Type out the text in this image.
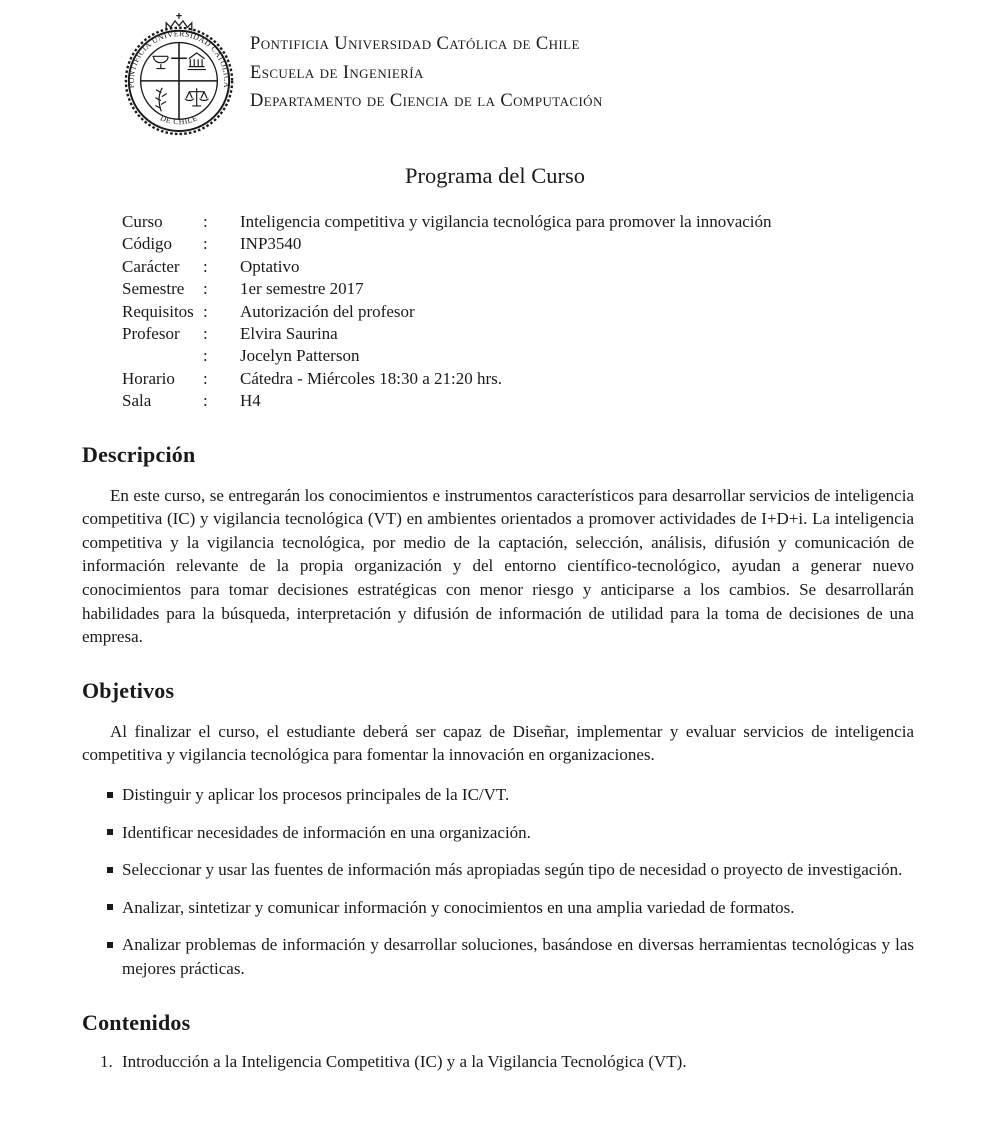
PONTIFICIA UNIVERSIDAD CATOLICA
DE CHILE
Pontificia Universidad Católica de Chile
Escuela de Ingeniería
Departamento de Ciencia de la Computación
Programa del Curso
Curso	:	Inteligencia competitiva y vigilancia tecnológica para promover la innovación
Código	:	INP3540
Carácter	:	Optativo
Semestre	:	1er semestre 2017
Requisitos :	Autorización del profesor
Profesor	:	Elvira Saurina
:	Jocelyn Patterson
Horario	:	Cátedra - Miércoles 18:30 a 21:20 hrs.
Sala	:	H4
Descripción

En este curso, se entregarán los conocimientos e instrumentos característicos para desarrollar servicios de inteligencia competitiva (IC) y vigilancia tecnológica (VT) en ambientes orientados a promover actividades de I+D+i. La inteligencia competitiva y la vigilancia tecnológica, por medio de la captación, selección, análisis, difusión y comunicación de información relevante de la propia organización y del entorno científico-tecnológico, ayudan a generar nuevo conocimientos para tomar decisiones estratégicas con menor riesgo y anticiparse a los cambios. Se desarrollarán habilidades para la búsqueda, interpretación y difusión de información de utilidad para la toma de decisiones de una empresa.

Objetivos

Al finalizar el curso, el estudiante deberá ser capaz de Diseñar, implementar y evaluar servicios de inteligencia competitiva y vigilancia tecnológica para fomentar la innovación en organizaciones.

Distinguir y aplicar los procesos principales de la IC/VT.
Identificar necesidades de información en una organización.
Seleccionar y usar las fuentes de información más apropiadas según tipo de necesidad o proyecto de investigación.
Analizar, sintetizar y comunicar información y conocimientos en una amplia variedad de formatos.
Analizar problemas de información y desarrollar soluciones, basándose en diversas herramientas tecnológicas y las mejores prácticas.
Contenidos
1. Introducción a la Inteligencia Competitiva (IC) y a la Vigilancia Tecnológica (VT).
